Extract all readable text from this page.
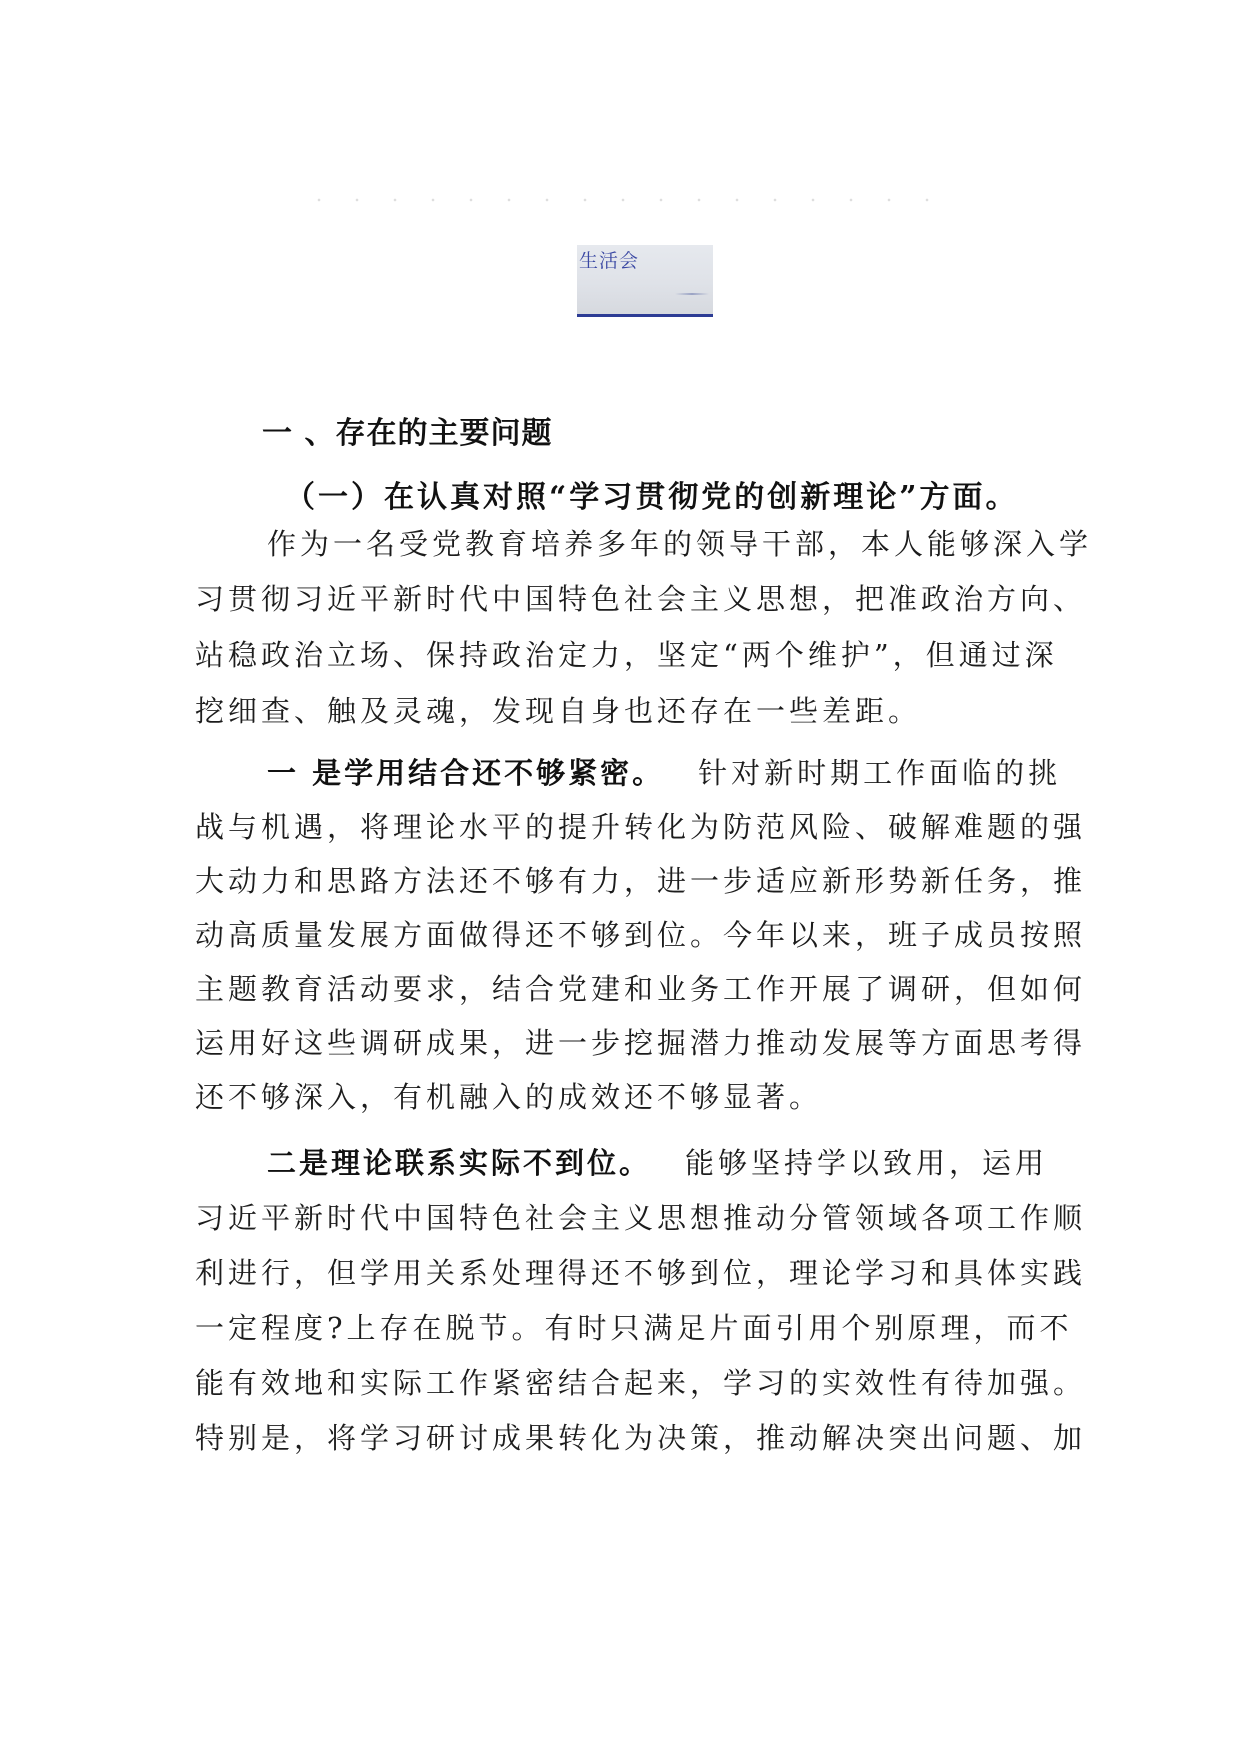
生活会
一 、存在的主要问题
（一）在认真对照“学习贯彻党的创新理论”方面。
作为一名受党教育培养多年的领导干部，本人能够深入学
习贯彻习近平新时代中国特色社会主义思想，把准政治方向、
站稳政治立场、保持政治定力，坚定“两个维护”，但通过深
挖细查、触及灵魂，发现自身也还存在一些差距。
一 是学用结合还不够紧密。 针对新时期工作面临的挑
战与机遇，将理论水平的提升转化为防范风险、破解难题的强
大动力和思路方法还不够有力，进一步适应新形势新任务，推
动高质量发展方面做得还不够到位。今年以来，班子成员按照
主题教育活动要求，结合党建和业务工作开展了调研，但如何
运用好这些调研成果，进一步挖掘潜力推动发展等方面思考得
还不够深入，有机融入的成效还不够显著。
二是理论联系实际不到位。 能够坚持学以致用，运用
习近平新时代中国特色社会主义思想推动分管领域各项工作顺
利进行，但学用关系处理得还不够到位，理论学习和具体实践
一定程度?上存在脱节。有时只满足片面引用个别原理，而不
能有效地和实际工作紧密结合起来，学习的实效性有待加强。
特别是，将学习研讨成果转化为决策，推动解决突出问题、加
